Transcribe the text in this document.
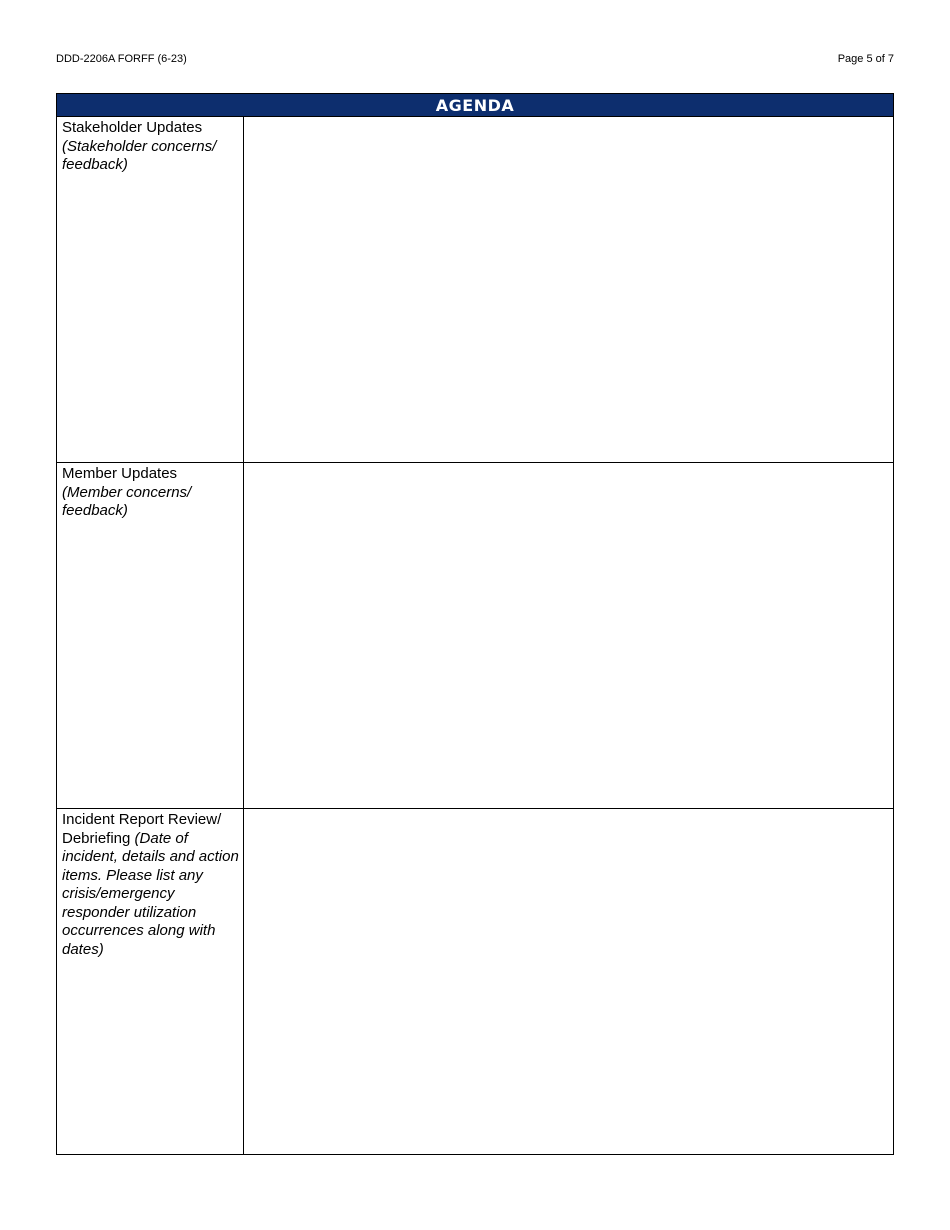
DDD-2206A FORFF (6-23)	Page 5 of 7
AGENDA
Stakeholder Updates
(Stakeholder concerns/ feedback)
Member Updates
(Member concerns/ feedback)
Incident Report Review/ Debriefing (Date of incident, details and action items. Please list any crisis/emergency responder utilization occurrences along with dates)
